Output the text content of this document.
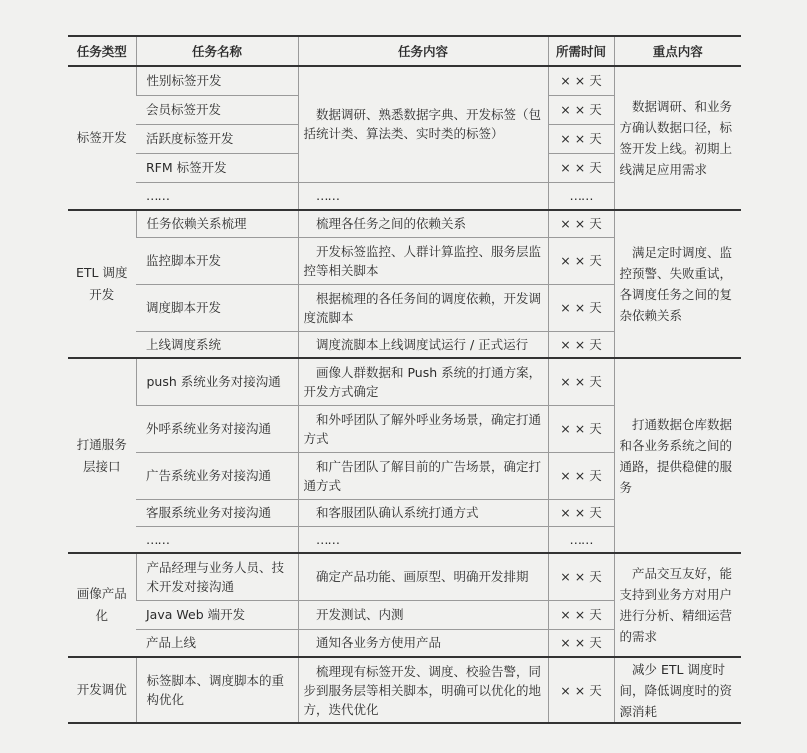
任务类型	任务名称	任务内容	所需时间	重点内容
标签开发	性别标签开发	数据调研、熟悉数据字典、开发标签（包括统计类、算法类、实时类的标签）	× × 天	数据调研、和业务方确认数据口径，标签开发上线。初期上线满足应用需求
	会员标签开发		× × 天	
	活跃度标签开发		× × 天	
	RFM 标签开发		× × 天	
	……	……	……	
ETL 调度开发	任务依赖关系梳理	梳理各任务之间的依赖关系	× × 天	满足定时调度、监控预警、失败重试，各调度任务之间的复杂依赖关系
	监控脚本开发	开发标签监控、人群计算监控、服务层监控等相关脚本	× × 天	
	调度脚本开发	根据梳理的各任务间的调度依赖，开发调度流脚本	× × 天	
	上线调度系统	调度流脚本上线调度试运行 / 正式运行	× × 天	
打通服务层接口	push 系统业务对接沟通	画像人群数据和 Push 系统的打通方案，开发方式确定	× × 天	打通数据仓库数据和各业务系统之间的通路，提供稳健的服务
	外呼系统业务对接沟通	和外呼团队了解外呼业务场景，确定打通方式	× × 天	
	广告系统业务对接沟通	和广告团队了解目前的广告场景，确定打通方式	× × 天	
	客服系统业务对接沟通	和客服团队确认系统打通方式	× × 天	
	……	……	……	
画像产品化	产品经理与业务人员、技术开发对接沟通	确定产品功能、画原型、明确开发排期	× × 天	产品交互友好，能支持到业务方对用户进行分析、精细运营的需求
	Java Web 端开发	开发测试、内测	× × 天	
	产品上线	通知各业务方使用产品	× × 天	
开发调优	标签脚本、调度脚本的重构优化	梳理现有标签开发、调度、校验告警，同步到服务层等相关脚本，明确可以优化的地方，迭代优化	× × 天	减少 ETL 调度时间，降低调度时的资源消耗
